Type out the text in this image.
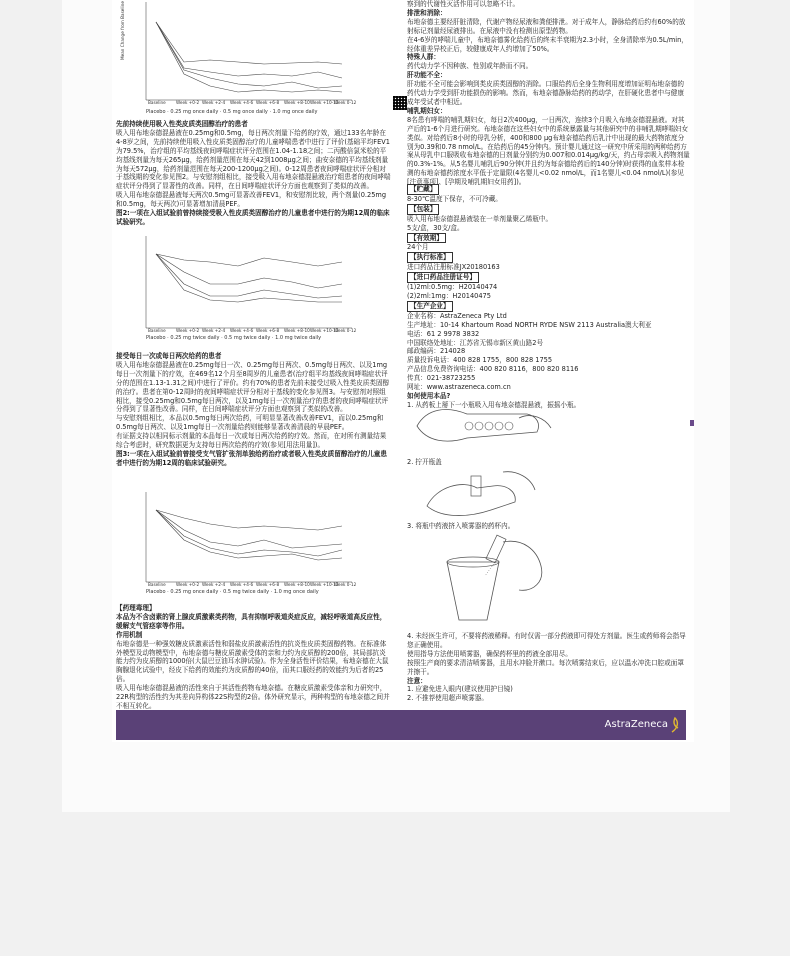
Mean Change from Baseline
Baseline Week +0-2 Week +2-4 Week +4-6 Week +6-8 Week +8-10 Week +10-12
Week 0-12
Placebo · 0.25 mg once daily · 0.5 mg once daily · 1.0 mg once daily

先前持续使用吸入性类皮质类固醇治疗的患者

吸入用布地奈德混悬液在0.25mg和0.5mg，每日两次剂量下给药的疗效，通过133名年龄在4-8岁之间，先前持续使用吸入性皮质类固醇治疗的儿童哮喘患者中进行了评价(基础平均FEV1为79.5%，治疗组的平均基线夜间哮喘症状评分范围在1.04-1.18之间；二丙酸倍氯米松的平均基线剂量为每天265μg，给药剂量范围在每天42到1008μg之间；曲安奈德的平均基线剂量为每天572μg，给药剂量范围在每天200-1200μg之间)。0-12周患者夜间哮喘症状评分相对于基线期的变化参见图2。与安慰剂组相比，接受吸入用布地奈德混悬液治疗组患者的夜间哮喘症状评分得到了显著性的改善。同样，在日间哮喘症状评分方面也观察到了类似的改善。

吸入用布地奈德混悬液每天两次0.5mg可显著改善FEV1，和安慰剂比较，两个剂量(0.25mg和0.5mg，每天两次)可显著增加清晨PEF。

图2:一项在入组试验前曾持续接受吸入性皮质类固醇治疗的儿童患者中进行的为期12周的临床试验研究。

Baseline Week +0-2 Week +2-4 Week +4-6 Week +6-8 Week +8-10 Week +10-12
Week 0-12
Placebo · 0.25 mg twice daily · 0.5 mg twice daily · 1.0 mg twice daily

接受每日一次或每日两次给药的患者

吸入用布地奈德混悬液在0.25mg每日一次、0.25mg每日两次、0.5mg每日两次、以及1mg每日一次剂量下的疗效，在469名12个月至8周岁的儿童患者(治疗组平均基线夜间哮喘症状评分的范围在1.13-1.31之间)中进行了评价。约有70%的患者先前未接受过吸入性类皮质类固醇的治疗。患者在第0-12周时的夜间哮喘症状评分相对于基线的变化参见图3。与安慰剂对照组相比，接受0.25mg和0.5mg每日两次，以及1mg每日一次剂量治疗的患者的夜间哮喘症状评分得到了显著性改善。同样，在日间哮喘症状评分方面也观察到了类似的改善。

与安慰剂组相比，本品以0.5mg每日两次给药，可明显显著改善改善FEV1，而以0.25mg和0.5mg每日两次、以及1mg每日一次剂量给药则能够显著改善清晨的早晨PEF。

有证据支持以相同标示剂量的本品每日一次或每日两次给药的疗效。然而，在对所有测量结果综合考虑时，研究数据更为支持每日两次给药的疗效(参见[用法用量])。

图3:一项在入组试验前曾接受支气管扩张剂单独给药治疗或者吸入性类皮质留醇治疗的儿童患者中进行的为期12周的临床试验研究。

Baseline Week +0-2 Week +2-4 Week +4-6 Week +6-8 Week +8-10 Week +10-12
Week 0-12
Placebo · 0.25 mg once daily · 0.5 mg twice daily · 1.0 mg once daily

【药理毒理】

本品为不含卤素的肾上腺皮质激素类药物，具有抑制呼吸道炎症反应，减轻呼吸道高反应性，缓解支气管痉挛等作用。

作用机制

布地奈德是一种强效糖皮质激素活性和弱盐皮质激素活性的抗炎性皮质类固醇药物。在标准体外模型及动物模型中，布地奈德与糖皮质激素受体的亲和力约为皮质醇的200倍，其局部抗炎能力约为皮质醇的1000倍(大鼠巴豆油耳水肿试验)。作为全身活性评价结果，布地奈德在大鼠胸腺退化试验中，经皮下给药的效能约为皮质醇的40倍，而其口服经药的效能约为后者的25倍。

吸入用布地奈德混悬液的活性来自于其活性药物布地奈德。在糖皮质激素受体亲和力研究中，22R构型的活性约为其差向异构体22S构型的2倍。体外研究显示，两种构型的布地奈德之间并不相互转化。

察到的代谢性灭活作用可以忽略不计。

排泄和消除：

布地奈德主要经肝脏清除，代谢产物经尿液和粪便排泄。对于成年人，静脉给药后约有60%的放射标记剂量经尿液排出。在尿液中没有检测出原型药物。

在4-6岁的哮喘儿童中，布地奈德雾化给药后的终末半衰期为2.3小时，全身清除率为0.5L/min，经体重差异校正后，较健康成年人约增加了50%。

特殊人群：

药代动力学不因种族、性别或年龄而不同。

肝功能不全：

肝功能不全可能会影响到类皮质类固醇的消除。口服给药后全身生物利用度增加证明布地奈德的药代动力学受到肝功能损伤的影响。然而，布地奈德静脉给药的药动学，在肝硬化患者中与健康成年受试者中相近。

哺乳期妇女：

8名患有哮喘的哺乳期妇女，每日2次400μg，一日两次，连续3个月吸入布地奈德混悬液。对其产后的1-6个月进行研究。布地奈德在这些妇女中的系统暴露量与其他研究中的非哺乳期哮喘妇女类似。对给药后8小时的母乳分析，400和800 μg布地奈德给药后乳汁中出现的最大药物浓度分别为0.39和0.78 nmol/L。在给药后的45分钟内。预计婴儿通过这一研究中所采用的两种给药方案从母乳中口服吸收布地奈德的日剂量分别约为0.007和0.014μg/kg/天，约占母亲吸入药物剂量的0.3%-1%。从5名婴儿哺乳后90分钟(并且约为每奈德给药后的140分钟)时获得的血浆样本检测的布地奈德药浓度水平低于定量限(4名婴儿<0.02 nmol/L，而1名婴儿<0.04 nmol/L)(参见[注意事项]、[孕期及哺乳期妇女用药])。

【贮藏】

8-30℃温度下保存，不可冷藏。

【包装】

吸入用布地奈德混悬液装在一单剂量聚乙烯瓶中。

5支/盒，30支/盒。

【有效期】

24个月

【执行标准】

进口药品注册标准JX20180163

【进口药品注册证号】

(1)2ml:0.5mg：H20140474

(2)2ml:1mg：H20140475

【生产企业】

企业名称：AstraZeneca Pty Ltd

生产地址：10-14 Khartoum Road NORTH RYDE NSW 2113 Australia澳大利亚

电话：61 2 9978 3832

中国联络处地址：江苏省无锡市新区黄山路2号

邮政编码：214028

质量投诉电话：400 828 1755，800 828 1755

产品信息免费咨询电话：400 820 8116，800 820 8116

传真：021-38723255

网址：www.astrazeneca.com.cn

如何使用本品?

1. 从药板上掰下一小瓶吸入用布地奈德混悬液，振摇小瓶。

2. 拧开瓶盖

3. 将瓶中药液挤入喷雾器的药杯内。

4. 未经医生许可，不要将药液稀释。有时仅需一部分药液即可得处方剂量。医生或药师将会指导您正确使用。

使用指导方法使用喷雾器，确保药杯里的药液全部用尽。

按照生产商的要求清洁喷雾器，且用水冲脸并漱口。每次喷雾结束后，应以温水冲洗口腔或面罩并擦干。

注意：

1. 应避免进入眼内(建议使用护目镜)

2. 不推荐使用超声喷雾器。

AstraZeneca
